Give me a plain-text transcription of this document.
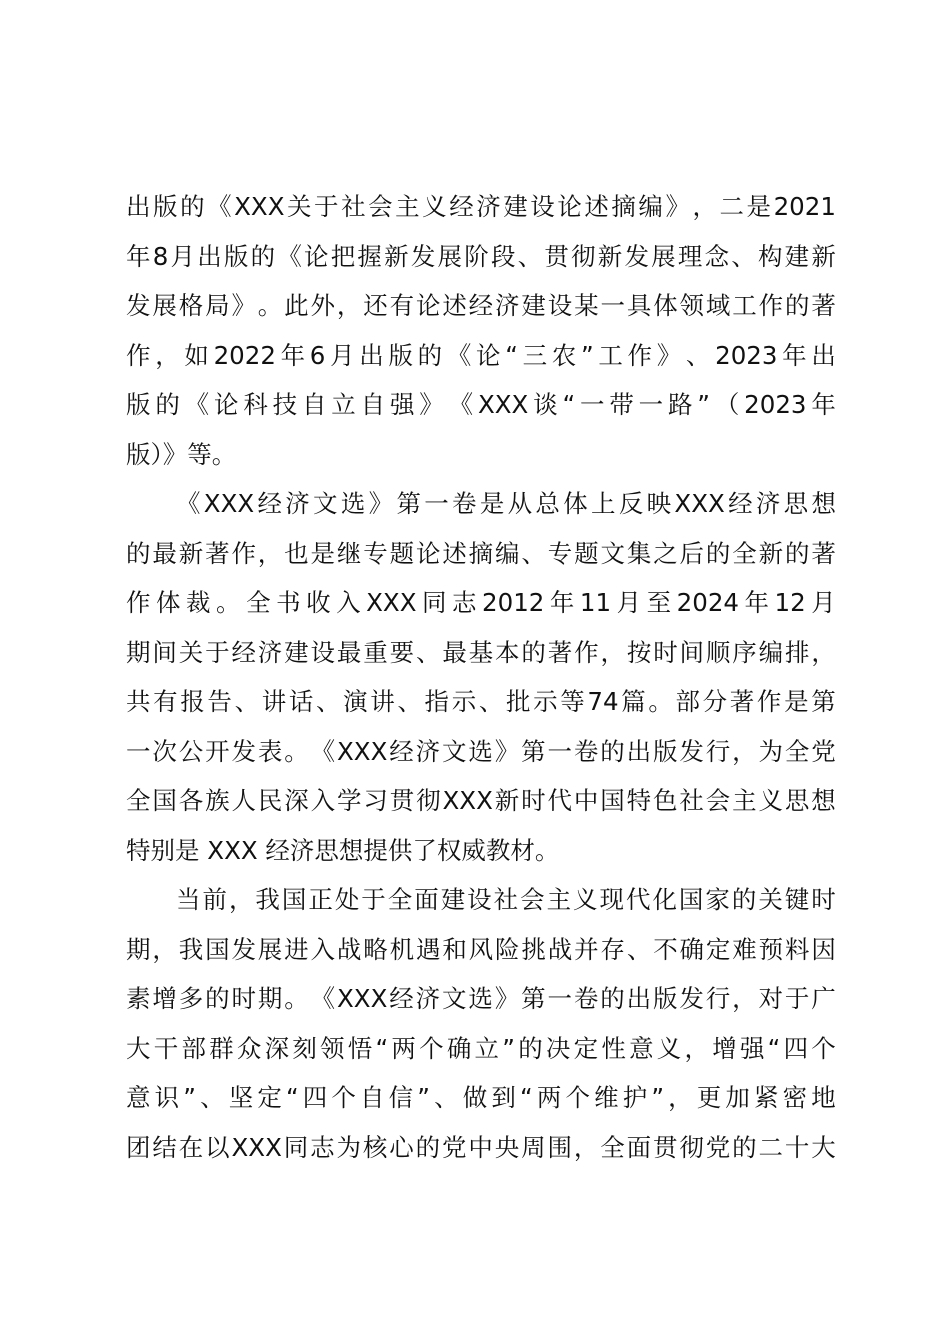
出 版 的 《 XXX 关 于 社 会 主 义 经 济 建 设 论 述 摘 编 》 ， 二 是 2021
年 8 月 出 版 的 《 论 把 握 新 发 展 阶 段 、 贯 彻 新 发 展 理 念 、 构 建 新
发 展 格 局 》 。 此 外 ， 还 有 论 述 经 济 建 设 某 一 具 体 领 域 工 作 的 著
作 ， 如 2022 年 6 月 出 版 的 《 论 “ 三 农 ” 工 作 》 、 2023 年 出
版 的 《 论 科 技 自 立 自 强 》 《 XXX 谈 “ 一 带 一 路 ” （ 2023 年
版）》等。
《 XXX 经 济 文 选 》 第 一 卷 是 从 总 体 上 反 映 XXX 经 济 思 想
的 最 新 著 作 ， 也 是 继 专 题 论 述 摘 编 、 专 题 文 集 之 后 的 全 新 的 著
作 体 裁 。 全 书 收 入 XXX 同 志 2012 年 11 月 至 2024 年 12 月
期 间 关 于 经 济 建 设 最 重 要 、 最 基 本 的 著 作 ， 按 时 间 顺 序 编 排 ，
共 有 报 告 、 讲 话 、 演 讲 、 指 示 、 批 示 等 74 篇 。 部 分 著 作 是 第
一 次 公 开 发 表 。 《 XXX 经 济 文 选 》 第 一 卷 的 出 版 发 行 ， 为 全 党
全 国 各 族 人 民 深 入 学 习 贯 彻 XXX 新 时 代 中 国 特 色 社 会 主 义 思 想
特别是 XXX 经济思想提供了权威教材。
当 前 ， 我 国 正 处 于 全 面 建 设 社 会 主 义 现 代 化 国 家 的 关 键 时
期 ， 我 国 发 展 进 入 战 略 机 遇 和 风 险 挑 战 并 存 、 不 确 定 难 预 料 因
素 增 多 的 时 期 。 《 XXX 经 济 文 选 》 第 一 卷 的 出 版 发 行 ， 对 于 广
大 干 部 群 众 深 刻 领 悟 “ 两 个 确 立 ” 的 决 定 性 意 义 ， 增 强 “ 四 个
意 识 ” 、 坚 定 “ 四 个 自 信 ” 、 做 到 “ 两 个 维 护 ” ， 更 加 紧 密 地
团 结 在 以 XXX 同 志 为 核 心 的 党 中 央 周 围 ， 全 面 贯 彻 党 的 二 十 大
